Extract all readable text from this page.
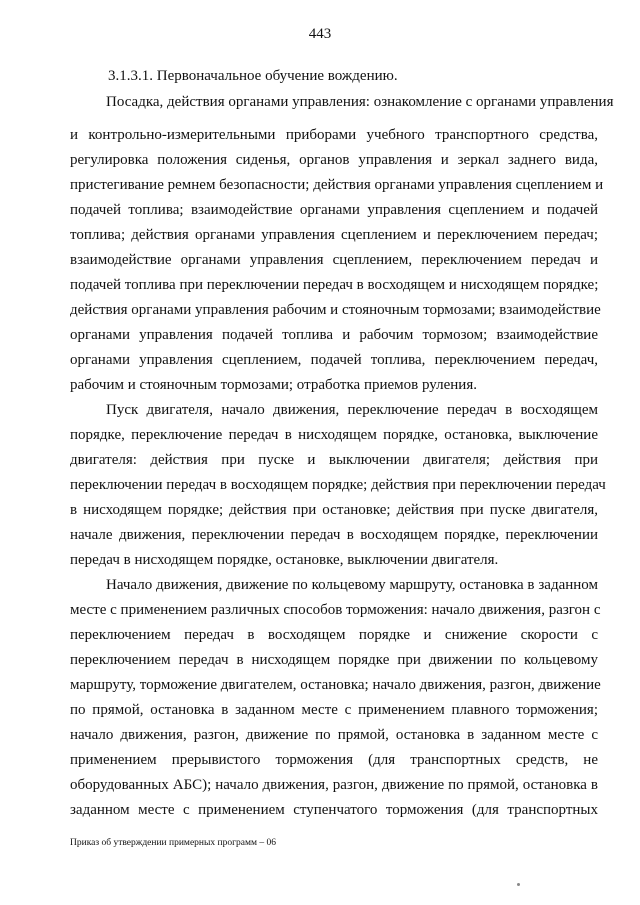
443
3.1.3.1. Первоначальное обучение вождению.
Посадка, действия органами управления: ознакомление с органами управления
и контрольно-измерительными приборами учебного транспортного средства,
регулировка положения сиденья, органов управления и зеркал заднего вида,
пристегивание ремнем безопасности; действия органами управления сцеплением и
подачей топлива; взаимодействие органами управления сцеплением и подачей
топлива; действия органами управления сцеплением и переключением передач;
взаимодействие органами управления сцеплением, переключением передач и
подачей топлива при переключении передач в восходящем и нисходящем порядке;
действия органами управления рабочим и стояночным тормозами; взаимодействие
органами управления подачей топлива и рабочим тормозом; взаимодействие
органами управления сцеплением, подачей топлива, переключением передач,
рабочим и стояночным тормозами; отработка приемов руления.
Пуск двигателя, начало движения, переключение передач в восходящем
порядке, переключение передач в нисходящем порядке, остановка, выключение
двигателя: действия при пуске и выключении двигателя; действия при
переключении передач в восходящем порядке; действия при переключении передач
в нисходящем порядке; действия при остановке; действия при пуске двигателя,
начале движения, переключении передач в восходящем порядке, переключении
передач в нисходящем порядке, остановке, выключении двигателя.
Начало движения, движение по кольцевому маршруту, остановка в заданном
месте с применением различных способов торможения: начало движения, разгон с
переключением передач в восходящем порядке и снижение скорости с
переключением передач в нисходящем порядке при движении по кольцевому
маршруту, торможение двигателем, остановка; начало движения, разгон, движение
по прямой, остановка в заданном месте с применением плавного торможения;
начало движения, разгон, движение по прямой, остановка в заданном месте с
применением прерывистого торможения (для транспортных средств, не
оборудованных АБС); начало движения, разгон, движение по прямой, остановка в
заданном месте с применением ступенчатого торможения (для транспортных
Приказ об утверждении примерных программ – 06
